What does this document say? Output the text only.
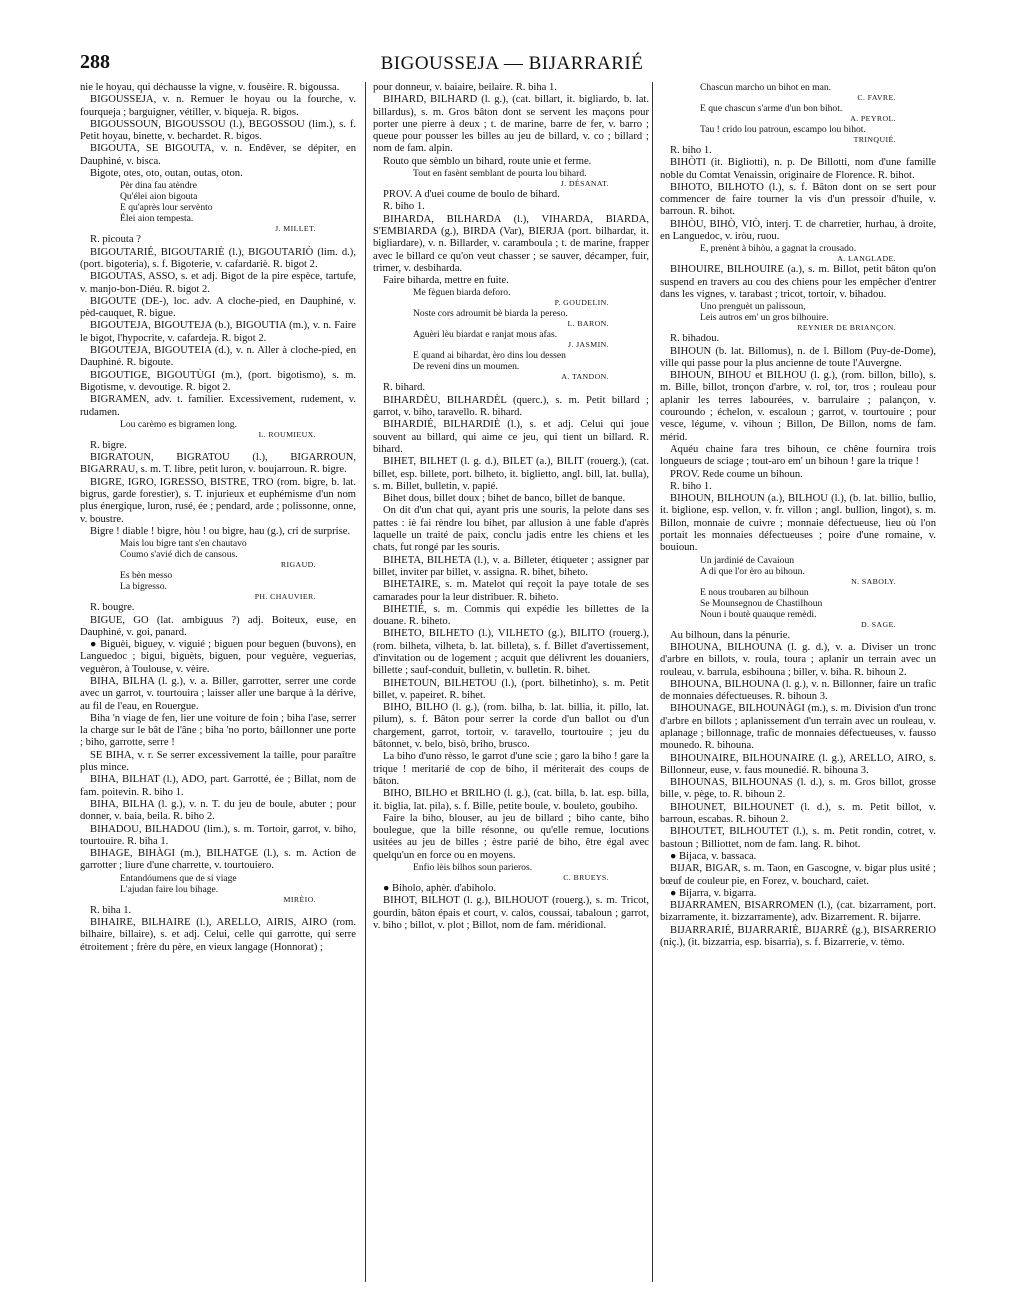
288	BIGOUSSEJA — BIJARRARIÉ

nie le hoyau, qui déchausse la vigne, v. fousèire. R. bigoussa.

BIGOUSSEJA, v. n. Remuer le hoyau ou la fourche, v. fourqueja ; barguigner, vétiller, v. biqueja. R. bigos.

BIGOUSSOUN, BIGOUSSOU (l.), BEGOSSOU (lim.), s. f. Petit hoyau, binette, v. bechardet. R. bigos.

BIGOUTA, SE BIGOUTA, v. n. Endêver, se dépiter, en Dauphiné, v. bisca.

Bigote, otes, oto, outan, outas, oton.

Pèr dina fau atèndre

Qu'élei aion bigouta

E qu'après lour servènto

Élei aion tempesta.

J. MILLET.

R. picouta ?

BIGOUTARIÉ, BIGOUTARIÈ (l.), BIGOUTARIÒ (lim. d.), (port. bigoteria), s. f. Bigoterie, v. cafardariè. R. bigot 2.

BIGOUTAS, ASSO, s. et adj. Bigot de la pire espèce, tartufe, v. manjo-bon-Diéu. R. bigot 2.

BIGOUTE (DE-), loc. adv. A cloche-pied, en Dauphiné, v. pèd-cauquet, R. bigue.

BIGOUTEJA, BIGOUTEJA (b.), BIGOUTIA (m.), v. n. Faire le bigot, l'hypocrite, v. cafardeja. R. bigot 2.

BIGOUTEJA, BIGOUTEIA (d.), v. n. Aller à cloche-pied, en Dauphiné. R. bigoute.

BIGOUTIGE, BIGOUTÙGI (m.), (port. bigotismo), s. m. Bigotisme, v. devoutige. R. bigot 2.

BIGRAMEN, adv. t. familier. Excessivement, rudement, v. rudamen.

Lou carèmo es bigramen long.

L. ROUMIEUX.

R. bigre.

BIGRATOUN, BIGRATOU (l.), BIGARROUN, BIGARRAU, s. m. T. libre, petit luron, v. boujarroun. R. bigre.

BIGRE, IGRO, IGRESSO, BISTRE, TRO (rom. bigre, b. lat. bigrus, garde forestier), s. T. injurieux et euphémisme d'un nom plus énergique, luron, rusé, ée ; pendard, arde ; polissonne, onne, v. boustre.

Bigre ! diable ! bigre, hòu ! ou bigre, hau (g.), cri de surprise.

Mais lou bigre tant s'en chautavo

Coumo s'avié dich de cansous.

RIGAUD.

Es bèn messo

La bigresso.

PH. CHAUVIER.

R. bougre.

BIGUE, GO (lat. ambiguus ?) adj. Boiteux, euse, en Dauphiné, v. goi, panard.

● Biguèi, biguey, v. viguié ; biguen pour beguen (buvons), en Languedoc ; bigui, biguèts, biguen, pour veguère, veguerias, veguèron, à Toulouse, v. vèire.

BIHA, BILHA (l. g.), v. a. Biller, garrotter, serrer une corde avec un garrot, v. tourtouira ; laisser aller une barque à la dérive, au fil de l'eau, en Rouergue.

Biha 'n viage de fen, lier une voiture de foin ; biha l'ase, serrer la charge sur le bât de l'âne ; biha 'no porto, bâillonner une porte ; biho, garrotte, serre !

SE BIHA, v. r. Se serrer excessivement la taille, pour paraître plus mince.

BIHA, BILHAT (l.), ADO, part. Garrotté, ée ; Billat, nom de fam. poitevin. R. biho 1.

BIHA, BILHA (l. g.), v. n. T. du jeu de boule, abuter ; pour donner, v. baia, beila. R. biho 2.

BIHADOU, BILHADOU (lim.), s. m. Tortoir, garrot, v. biho, tourtouire. R. biha 1.

BIHAGE, BIHÀGI (m.), BILHATGE (l.), s. m. Action de garrotter ; liure d'une charrette, v. tourtouiero.

Entandóumens que de si viage

L'ajudan faire lou bihage.

MIRÈIO.

R. biha 1.

BIHAIRE, BILHAIRE (l.), ARELLO, AIRIS, AIRO (rom. bilhaire, billaire), s. et adj. Celui, celle qui garrotte, qui serre étroitement ; frère du père, en vieux langage (Honnorat) ;

pour donneur, v. baiaire, beilaire. R. biha 1.

BIHARD, BILHARD (l. g.), (cat. billart, it. bigliardo, b. lat. billardus), s. m. Gros bâton dont se servent les maçons pour porter une pierre à deux ; t. de marine, barre de fer, v. barro ; queue pour pousser les billes au jeu de billard, v. co ; billard ; nom de fam. alpin.

Routo que sèmblo un bihard, route unie et ferme.

Tout en fasènt semblant de pourta lou bihard.

J. DÉSANAT.

PROV. A d'uei coume de boulo de bihard.

R. biho 1.

BIHARDA, BILHARDA (l.), VIHARDA, BIARDA, S'EMBIARDA (g.), BIRDA (Var), BIERJA (port. bilhardar, it. bigliardare), v. n. Billarder, v. caramboula ; t. de marine, frapper avec le billard ce qu'on veut chasser ; se sauver, décamper, fuir, trimer, v. desbiharda.

Faire biharda, mettre en fuite.

Me fèguen biarda deforo.

P. GOUDELIN.

Noste cors adroumit bè biarda la pereso.

L. BARON.

Aguèri lèu biardat e ranjat mous afas.

J. JASMIN.

E quand ai bihardat, èro dins lou dessen

De reveni dins un moumen.

A. TANDON.

R. bihard.

BIHARDÈU, BILHARDÈL (querc.), s. m. Petit billard ; garrot, v. biho, taravello. R. bihard.

BIHARDIÉ, BILHARDIÈ (l.), s. et adj. Celui qui joue souvent au billard, qui aime ce jeu, qui tient un billard. R. bihard.

BIHET, BILHET (l. g. d.), BILET (a.), BILIT (rouerg.), (cat. billet, esp. billete, port. bilheto, it. biglietto, angl. bill, lat. bulla), s. m. Billet, bulletin, v. papié.

Bihet dous, billet doux ; bihet de banco, billet de banque.

On dit d'un chat qui, ayant pris une souris, la pelote dans ses pattes : iè fai rèndre lou bihet, par allusion à une fable d'après laquelle un traité de paix, conclu jadis entre les chiens et les chats, fut rongé par les souris.

BIHETA, BILHETA (l.), v. a. Billeter, étiqueter ; assigner par billet, inviter par billet, v. assigna. R. bihet, biheto.

BIHETAIRE, s. m. Matelot qui reçoit la paye totale de ses camarades pour la leur distribuer. R. biheto.

BIHETIÉ, s. m. Commis qui expédie les billettes de la douane. R. biheto.

BIHETO, BILHETO (l.), VILHETO (g.), BILITO (rouerg.), (rom. bilheta, vilheta, b. lat. billeta), s. f. Billet d'avertissement, d'invitation ou de logement ; acquit que délivrent les douaniers, billette ; sauf-conduit, bulletin, v. bulletin. R. bihet.

BIHETOUN, BILHETOU (l.), (port. bilhetinho), s. m. Petit billet, v. papeiret. R. bihet.

BIHO, BILHO (l. g.), (rom. bilha, b. lat. billia, it. pillo, lat. pilum), s. f. Bâton pour serrer la corde d'un ballot ou d'un chargement, garrot, tortoir, v. taravello, tourtouire ; jeu du bâtonnet, v. belo, bisò, briho, brusco.

La biho d'uno rèsso, le garrot d'une scie ; garo la biho ! gare la trique ! meritarié de cop de biho, il mériterait des coups de bâton.

BIHO, BILHO et BRILHO (l. g.), (cat. billa, b. lat. esp. billa, it. biglia, lat. pila), s. f. Bille, petite boule, v. bouleto, goubiho.

Faire la biho, blouser, au jeu de billard ; biho cante, biho boulegue, que la bille résonne, ou qu'elle remue, locutions usitées au jeu de billes ; èstre parié de biho, être égal avec quelqu'un en force ou en moyens.

Enfio lèis bilhos soun parieros.

C. BRUEYS.

● Biholo, aphèr. d'abiholo.

BIHOT, BILHOT (l. g.), BILHOUOT (rouerg.), s. m. Tricot, gourdin, bâton épais et court, v. calos, coussai, tabaloun ; garrot, v. biho ; billot, v. plot ; Billot, nom de fam. méridional.

Chascun marcho un bihot en man.

C. FAVRE.

E que chascun s'arme d'un bon bihot.

A. PEYROL.

Tau ! crido lou patroun, escampo lou bihot.

TRINQUIÉ.

R. biho 1.

BIHÒTI (it. Bigliotti), n. p. De Billotti, nom d'une famille noble du Comtat Venaissin, originaire de Florence. R. bihot.

BIHOTO, BILHOTO (l.), s. f. Bâton dont on se sert pour commencer de faire tourner la vis d'un pressoir d'huile, v. barroun. R. bihot.

BIHÒU, BIHÒ, VIÒ, interj. T. de charretier, hurhau, à droite, en Languedoc, v. iròu, ruou.

E, prenènt à bihòu, a gagnat la crousado.

A. LANGLADE.

BIHOUIRE, BILHOUIRE (a.), s. m. Billot, petit bâton qu'on suspend en travers au cou des chiens pour les empêcher d'entrer dans les vignes, v. tarabast ; tricot, tortoir, v. bihadou.

Uno prenguèt un palissoun,

Leis autros em' un gros bilhouire.

REYNIER DE BRIANÇON.

R. bihadou.

BIHOUN (b. lat. Billomus), n. de l. Billom (Puy-de-Dome), ville qui passe pour la plus ancienne de toute l'Auvergne.

BIHOUN, BIHOU et BILHOU (l. g.), (rom. billon, billo), s. m. Bille, billot, tronçon d'arbre, v. rol, tor, tros ; rouleau pour aplanir les terres labourées, v. barrulaire ; palançon, v. couroundo ; échelon, v. escaloun ; garrot, v. tourtouire ; pour vesce, légume, v. vihoun ; Billon, De Billon, noms de fam. mérid.

Aquéu chaine fara tres bihoun, ce chêne fournira trois longueurs de sciage ; tout-aro em' un bihoun ! gare la trique !

PROV. Rede coume un bihoun.

R. biho 1.

BIHOUN, BILHOUN (a.), BILHOU (l.), (b. lat. billio, bullio, it. biglione, esp. vellon, v. fr. villon ; angl. bullion, lingot), s. m. Billon, monnaie de cuivre ; monnaie défectueuse, lieu où l'on portait les monnaies défectueuses ; poire d'une romaine, v. bouioun.

Un jardinié de Cavaioun

A di que l'or èro au bihoun.

N. SABOLY.

E nous troubaren au bilhoun

Se Mounsegnou de Chastilhoun

Noun i boutè quauque remèdi.

D. SAGE.

Au bilhoun, dans la pénurie.

BIHOUNA, BILHOUNA (l. g. d.), v. a. Diviser un tronc d'arbre en billots, v. roula, toura ; aplanir un terrain avec un rouleau, v. barrula, esbihouna ; biller, v. biha. R. bihoun 2.

BIHOUNA, BILHOUNA (l. g.), v. n. Billonner, faire un trafic de monnaies défectueuses. R. bihoun 3.

BIHOUNAGE, BILHOUNÀGI (m.), s. m. Division d'un tronc d'arbre en billots ; aplanissement d'un terrain avec un rouleau, v. aplanage ; billonnage, trafic de monnaies défectueuses, v. fausso mounedo. R. bihouna.

BIHOUNAIRE, BILHOUNAIRE (l. g.), ARELLO, AIRO, s. Billonneur, euse, v. faus mounedié. R. bihouna 3.

BIHOUNAS, BILHOUNAS (l. d.), s. m. Gros billot, grosse bille, v. pège, to. R. bihoun 2.

BIHOUNET, BILHOUNET (l. d.), s. m. Petit billot, v. barroun, escabas. R. bihoun 2.

BIHOUTET, BILHOUTET (l.), s. m. Petit rondin, cotret, v. bastoun ; Billiottet, nom de fam. lang. R. bihot.

● Bijaca, v. bassaca.

BIJAR, BIGAR, s. m. Taon, en Gascogne, v. bigar plus usité ; bœuf de couleur pie, en Forez, v. bouchard, caiet.

● Bijarra, v. bigarra.

BIJARRAMEN, BISARROMEN (l.), (cat. bizarrament, port. bizarramente, it. bizzarramente), adv. Bizarrement. R. bijarre.

BIJARRARIÉ, BIJARRARIÈ, BIJARRÈ (g.), BISARRERIO (niç.), (it. bizzarria, esp. bisarria), s. f. Bizarrerie, v. tèmo.
